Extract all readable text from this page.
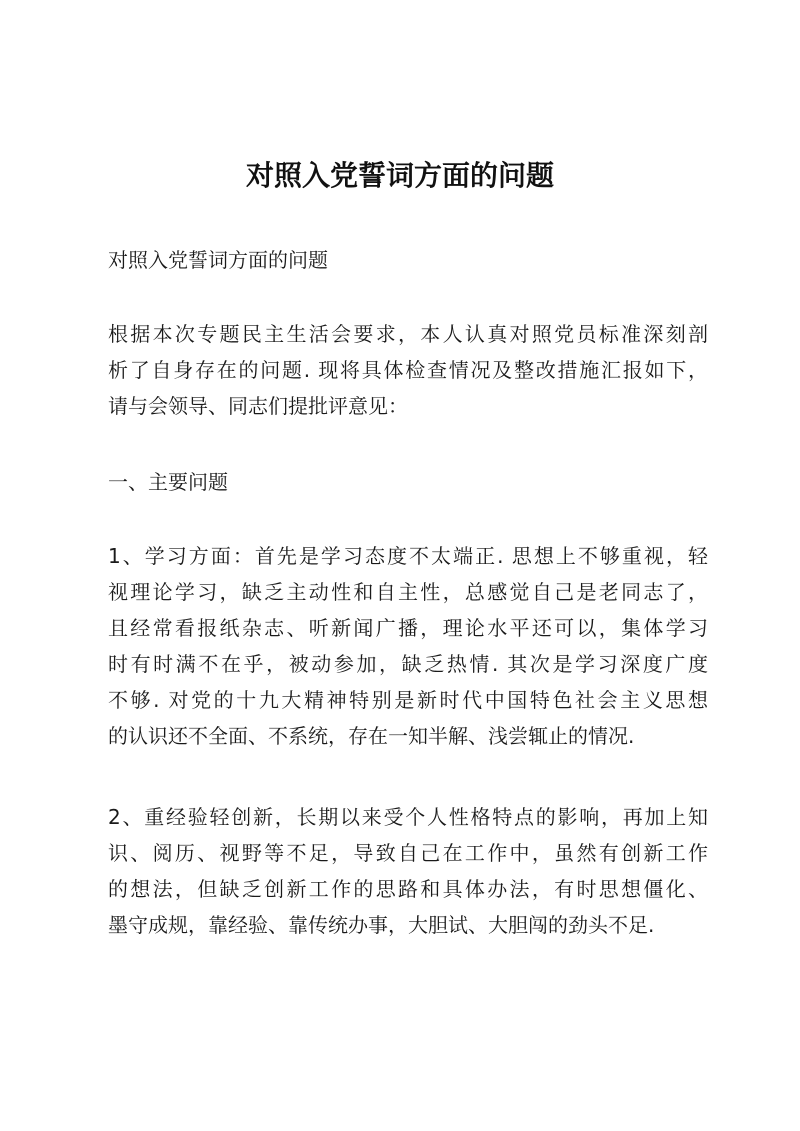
对照入党誓词方面的问题

对照入党誓词方面的问题

根据本次专题民主生活会要求，本人认真对照党员标准深刻剖
析了自身存在的问题. 现将具体检查情况及整改措施汇报如下，
请与会领导、同志们提批评意见：

一、主要问题

1、学习方面：首先是学习态度不太端正. 思想上不够重视，轻
视理论学习，缺乏主动性和自主性，总感觉自己是老同志了，
且经常看报纸杂志、听新闻广播，理论水平还可以，集体学习
时有时满不在乎，被动参加，缺乏热情. 其次是学习深度广度
不够. 对党的十九大精神特别是新时代中国特色社会主义思想
的认识还不全面、不系统，存在一知半解、浅尝辄止的情况.
2、重经验轻创新，长期以来受个人性格特点的影响，再加上知
识、阅历、视野等不足，导致自己在工作中，虽然有创新工作
的想法，但缺乏创新工作的思路和具体办法，有时思想僵化、
墨守成规，靠经验、靠传统办事，大胆试、大胆闯的劲头不足.
